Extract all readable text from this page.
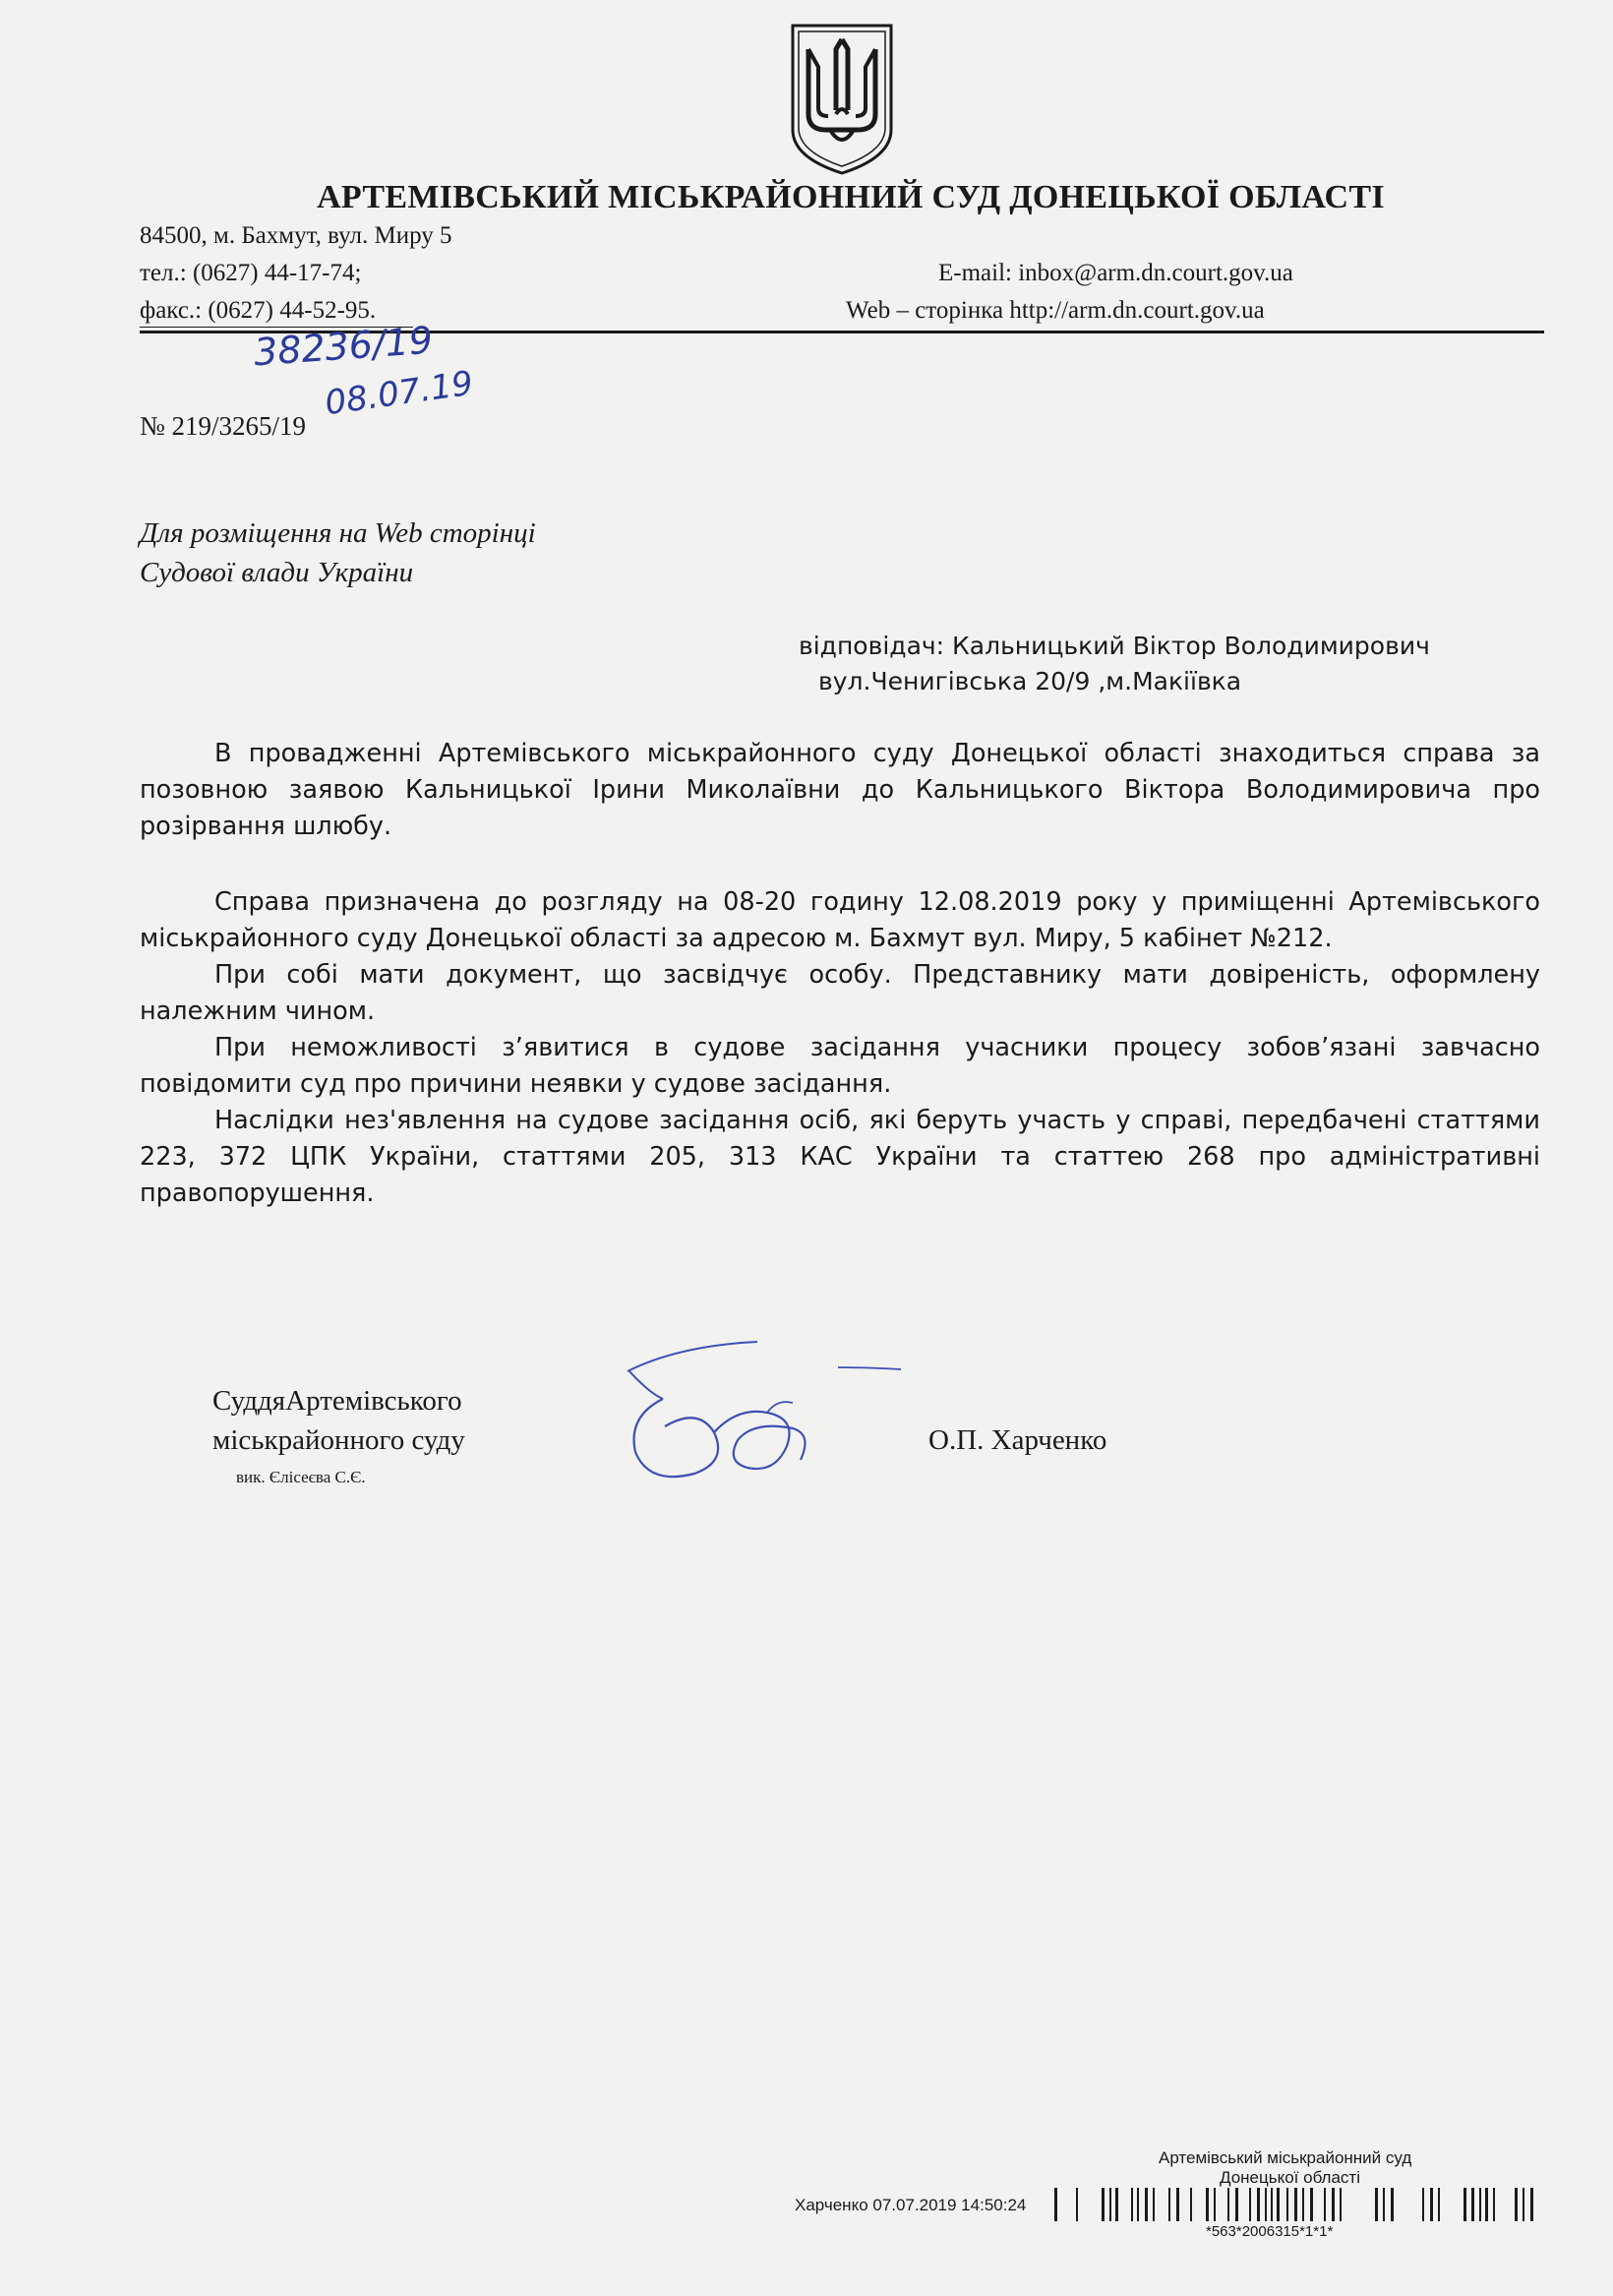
АРТЕМІВСЬКИЙ МІСЬКРАЙОННИЙ СУД ДОНЕЦЬКОЇ ОБЛАСТІ
84500, м. Бахмут, вул. Миру 5
тел.: (0627) 44-17-74;	E-mail: inbox@arm.dn.court.gov.ua
факс.: (0627) 44-52-95.	Web – сторінка http://arm.dn.court.gov.ua
38236/19
08.07.19
№ 219/3265/19
Для розміщення на Web сторінці
Судової влади України
відповідач: Кальницький Віктор Володимирович
вул.Ченигівська 20/9 ,м.Макіївка

В провадженні Артемівського міськрайонного суду Донецької області знаходиться справа за позовною заявою Кальницької Ірини Миколаївни до Кальницького Віктора Володимировича про розірвання шлюбу.

Справа призначена до розгляду на 08-20 годину 12.08.2019 року у приміщенні Артемівського міськрайонного суду Донецької області за адресою м. Бахмут вул. Миру, 5 кабінет №212.

При собі мати документ, що засвідчує особу. Представнику мати довіреність, оформлену належним чином.

При неможливості з’явитися в судове засідання учасники процесу зобов’язані завчасно повідомити суд про причини неявки у судове засідання.

Наслідки нез'явлення на судове засідання осіб, які беруть участь у справі, передбачені статтями 223, 372 ЦПК України, статтями 205, 313 КАС України та статтею 268 про адміністративні правопорушення.

СуддяАртемівського
міськрайонного суду
вик. Єлісеєва С.Є.
О.П. Харченко
Артемівський міськрайонний суд
Донецької області
Харченко 07.07.2019 14:50:24
*563*2006315*1*1*
